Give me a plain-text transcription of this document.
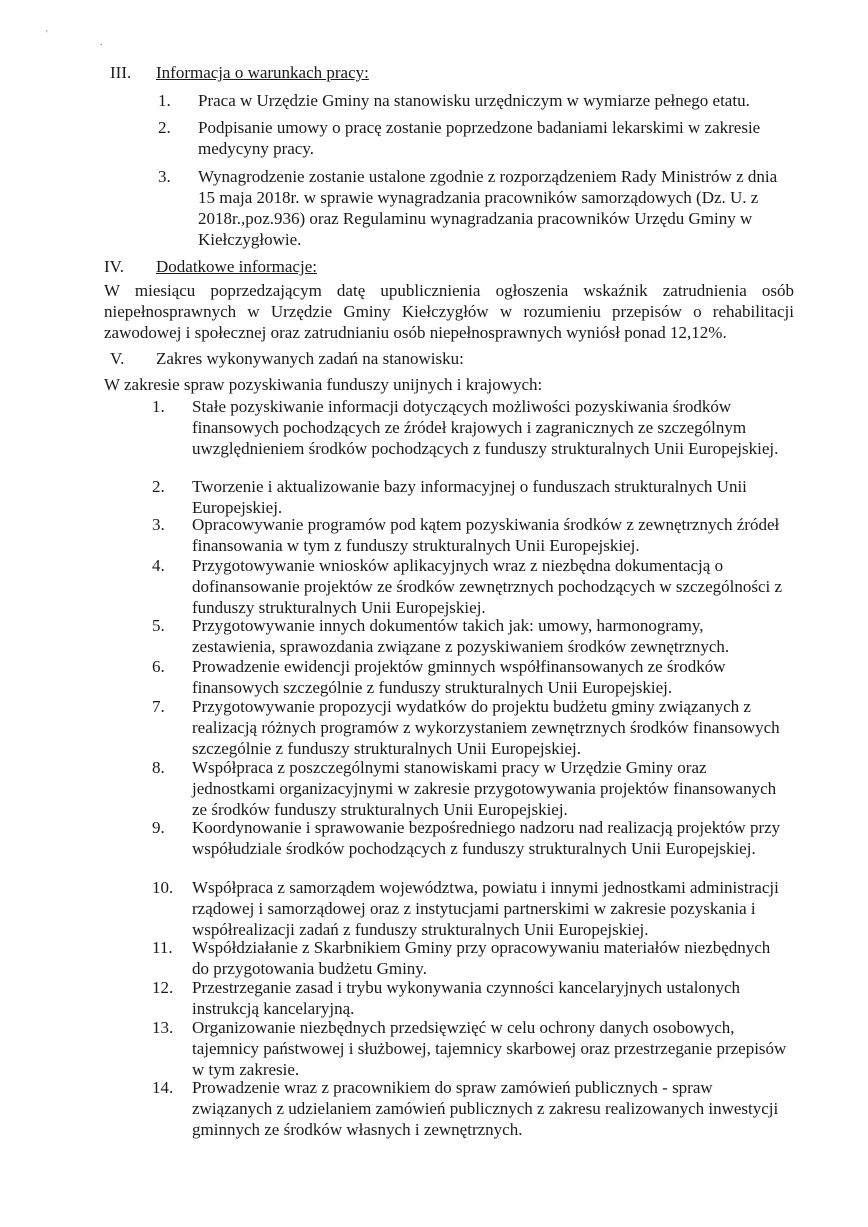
'
.
III. Informacja o warunkach pracy:
1. Praca w Urzędzie Gminy na stanowisku urzędniczym w wymiarze pełnego etatu.
2. Podpisanie umowy o pracę zostanie poprzedzone badaniami lekarskimi w zakresie medycyny pracy.
3. Wynagrodzenie zostanie ustalone zgodnie z rozporządzeniem Rady Ministrów z dnia 15 maja 2018r. w sprawie wynagradzania pracowników samorządowych (Dz. U. z 2018r.,poz.936) oraz Regulaminu wynagradzania pracowników Urzędu Gminy w Kiełczygłowie.
IV. Dodatkowe informacje:
W miesiącu poprzedzającym datę upublicznienia ogłoszenia wskaźnik zatrudnienia osób niepełnosprawnych w Urzędzie Gminy Kiełczygłów w rozumieniu przepisów o rehabilitacji zawodowej i społecznej oraz zatrudnianiu osób niepełnosprawnych wyniósł ponad 12,12%.
V. Zakres wykonywanych zadań na stanowisku:
W zakresie spraw pozyskiwania funduszy unijnych i krajowych:
1. Stałe pozyskiwanie informacji dotyczących możliwości pozyskiwania środków finansowych pochodzących ze źródeł krajowych i zagranicznych ze szczególnym uwzględnieniem środków pochodzących z funduszy strukturalnych Unii Europejskiej.
2. Tworzenie i aktualizowanie bazy informacyjnej o funduszach strukturalnych Unii Europejskiej.
3. Opracowywanie programów pod kątem pozyskiwania środków z zewnętrznych źródeł finansowania w tym z funduszy strukturalnych Unii Europejskiej.
4. Przygotowywanie wniosków aplikacyjnych wraz z niezbędna dokumentacją o dofinansowanie projektów ze środków zewnętrznych pochodzących w szczególności z funduszy strukturalnych Unii Europejskiej.
5. Przygotowywanie innych dokumentów takich jak: umowy, harmonogramy, zestawienia, sprawozdania związane z pozyskiwaniem środków zewnętrznych.
6. Prowadzenie ewidencji projektów gminnych współfinansowanych ze środków finansowych szczególnie z funduszy strukturalnych Unii Europejskiej.
7. Przygotowywanie propozycji wydatków do projektu budżetu gminy związanych z realizacją różnych programów z wykorzystaniem zewnętrznych środków finansowych szczególnie z funduszy strukturalnych Unii Europejskiej.
8. Współpraca z poszczególnymi stanowiskami pracy w Urzędzie Gminy oraz jednostkami organizacyjnymi w zakresie przygotowywania projektów finansowanych ze środków funduszy strukturalnych Unii Europejskiej.
9. Koordynowanie i sprawowanie bezpośredniego nadzoru nad realizacją projektów przy współudziale środków pochodzących z funduszy strukturalnych Unii Europejskiej.
10. Współpraca z samorządem województwa, powiatu i innymi jednostkami administracji rządowej i samorządowej oraz z instytucjami partnerskimi w zakresie pozyskania i współrealizacji zadań z funduszy strukturalnych Unii Europejskiej.
11. Współdziałanie z Skarbnikiem Gminy przy opracowywaniu materiałów niezbędnych do przygotowania budżetu Gminy.
12. Przestrzeganie zasad i trybu wykonywania czynności kancelaryjnych ustalonych instrukcją kancelaryjną.
13. Organizowanie niezbędnych przedsięwzięć w celu ochrony danych osobowych, tajemnicy państwowej i służbowej, tajemnicy skarbowej oraz przestrzeganie przepisów w tym zakresie.
14. Prowadzenie wraz z pracownikiem do spraw zamówień publicznych - spraw związanych z udzielaniem zamówień publicznych z zakresu realizowanych inwestycji gminnych ze środków własnych i zewnętrznych.
